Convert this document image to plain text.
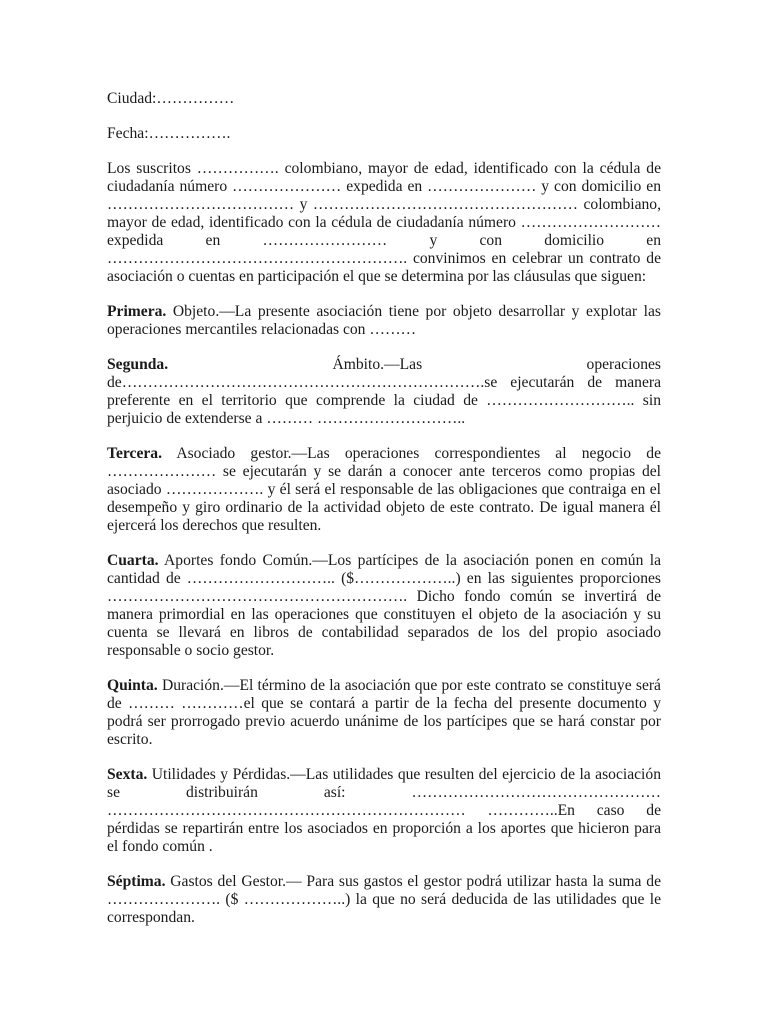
Ciudad:……………
Fecha:…………….

Los suscritos ……………. colombiano, mayor de edad, identificado con la cédula de ciudadanía número ………………… expedida en ………………… y con domicilio en ……………………………… y …………………………………………… colombiano, mayor de edad, identificado con la cédula de ciudadanía número ……………………… expedida en …………………… y con domicilio en …………………………………………………. convinimos en celebrar un contrato de asociación o cuentas en participación el que se determina por las cláusulas que siguen:

Primera. Objeto.—La presente asociación tiene por objeto desarrollar y explotar las operaciones mercantiles relacionadas con ………

Segunda.	Ámbito.—Las operaciones de…………………………………………………………….se ejecutarán de manera preferente en el territorio que comprende la ciudad de ……………………….. sin perjuicio de extenderse a ……… ………………………..

Tercera. Asociado gestor.—Las operaciones correspondientes al negocio de ………………… se ejecutarán y se darán a conocer ante terceros como propias del asociado ………………. y él será el responsable de las obligaciones que contraiga en el desempeño y giro ordinario de la actividad objeto de este contrato. De igual manera él ejercerá los derechos que resulten.

Cuarta. Aportes fondo Común.—Los partícipes de la asociación ponen en común la cantidad de ……………………….. ($………………..) en las siguientes proporciones …………………………………………………. Dicho fondo común se invertirá de manera primordial en las operaciones que constituyen el objeto de la asociación y su cuenta se llevará en libros de contabilidad separados de los del propio asociado responsable o socio gestor.

Quinta. Duración.—El término de la asociación que por este contrato se constituye será de ……… …………el que se contará a partir de la fecha del presente documento y podrá ser prorrogado previo acuerdo unánime de los partícipes que se hará constar por escrito.

Sexta. Utilidades y Pérdidas.—Las utilidades que resulten del ejercicio de la asociación se distribuirán así: ………………………………………… …………………………………………………………… …………..En caso de pérdidas se repartirán entre los asociados en proporción a los aportes que hicieron para el fondo común .

Séptima. Gastos del Gestor.— Para sus gastos el gestor podrá utilizar hasta la suma de …………………. ($ ………………..) la que no será deducida de las utilidades que le correspondan.
